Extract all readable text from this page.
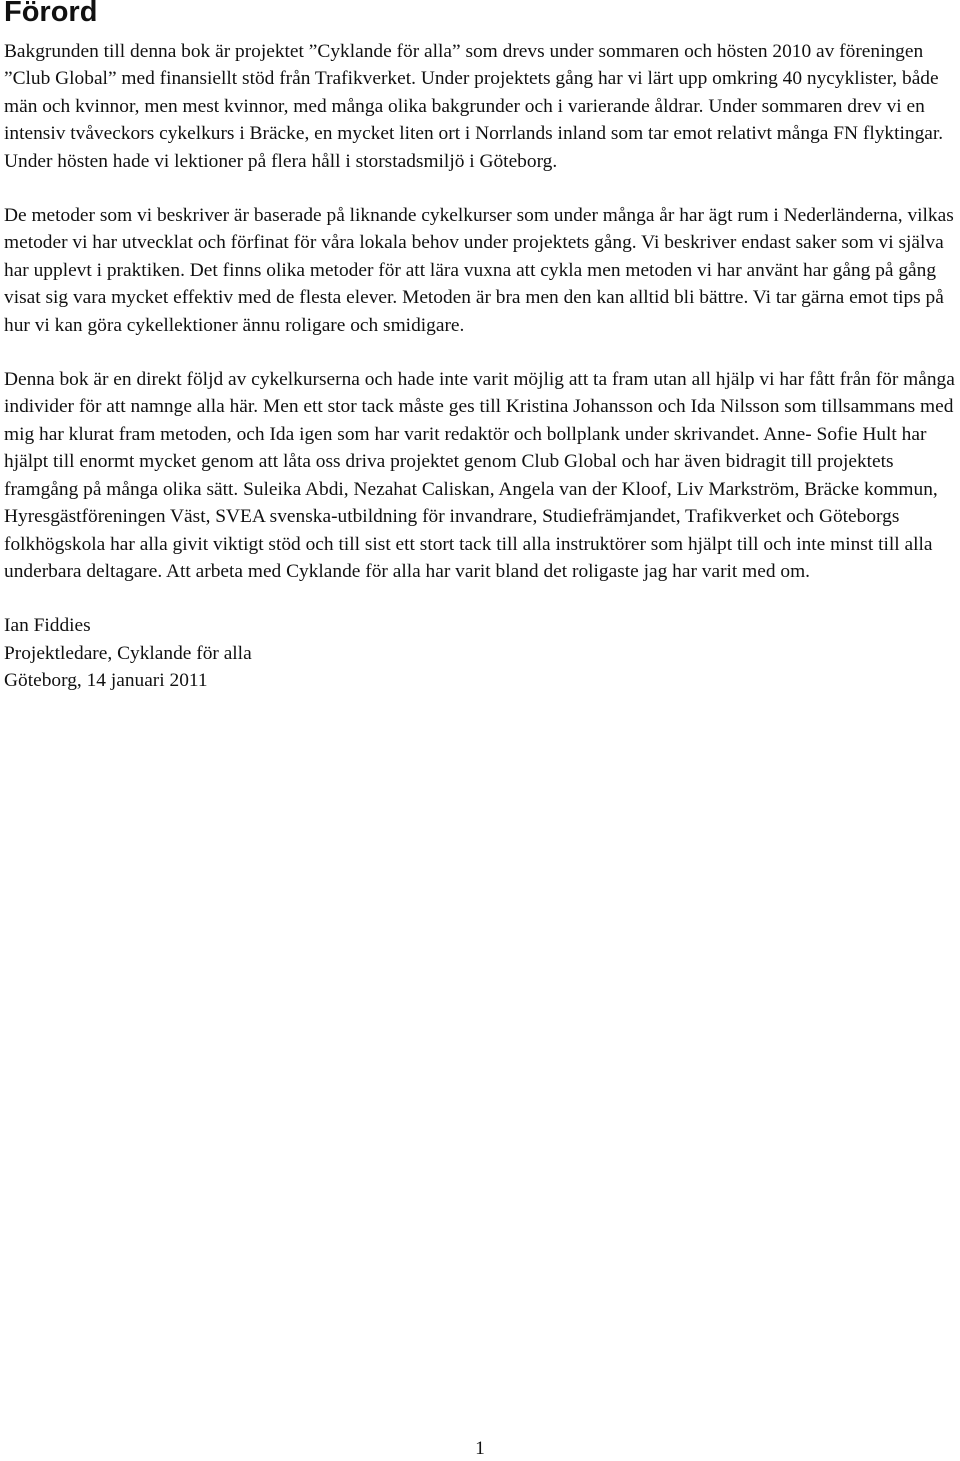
Förord

Bakgrunden till denna bok är projektet ”Cyklande för alla” som drevs under sommaren och hösten 2010 av föreningen ”Club Global” med finansiellt stöd från Trafikverket. Under projektets gång har vi lärt upp omkring 40 nycyklister, både män och kvinnor, men mest kvinnor, med många olika bakgrunder och i varierande åldrar. Under sommaren drev vi en intensiv tvåveckors cykelkurs i Bräcke, en mycket liten ort i Norrlands inland som tar emot relativt många FN flyktingar. Under hösten hade vi lektioner på flera håll i storstadsmiljö i Göteborg.

De metoder som vi beskriver är baserade på liknande cykelkurser som under många år har ägt rum i Nederländerna, vilkas metoder vi har utvecklat och förfinat för våra lokala behov under projektets gång. Vi beskriver endast saker som vi själva har upplevt i praktiken. Det finns olika metoder för att lära vuxna att cykla men metoden vi har använt har gång på gång visat sig vara mycket effektiv med de flesta elever. Metoden är bra men den kan alltid bli bättre. Vi tar gärna emot tips på hur vi kan göra cykellektioner ännu roligare och smidigare.

Denna bok är en direkt följd av cykelkurserna och hade inte varit möjlig att ta fram utan all hjälp vi har fått från för många individer för att namnge alla här. Men ett stor tack måste ges till Kristina Johansson och Ida Nilsson som tillsammans med mig har klurat fram metoden, och Ida igen som har varit redaktör och bollplank under skrivandet. Anne- Sofie Hult har hjälpt till enormt mycket genom att låta oss driva projektet genom Club Global och har även bidragit till projektets framgång på många olika sätt. Suleika Abdi, Nezahat Caliskan, Angela van der Kloof, Liv Markström, Bräcke kommun, Hyresgästföreningen Väst, SVEA svenska-utbildning för invandrare, Studiefrämjandet, Trafikverket och Göteborgs folkhögskola har alla givit viktigt stöd och till sist ett stort tack till alla instruktörer som hjälpt till och inte minst till alla underbara deltagare. Att arbeta med Cyklande för alla har varit bland det roligaste jag har varit med om.

Ian Fiddies
Projektledare, Cyklande för alla
Göteborg, 14 januari 2011
1
